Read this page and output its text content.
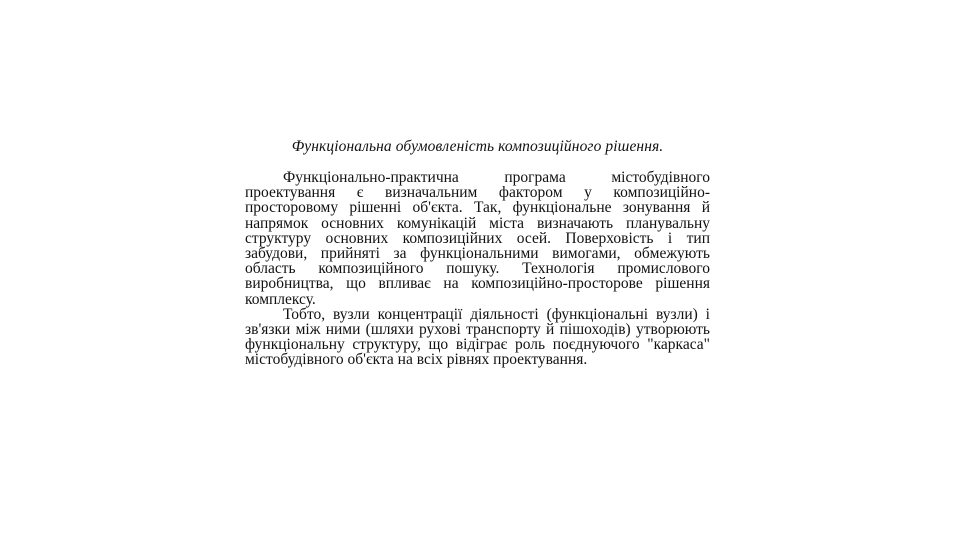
Функціональна обумовленість композиційного рішення.

Функціонально-практична програма містобудівного проектування є визначальним фактором у композиційно-просторовому рішенні об'єкта. Так, функціональне зонування й напрямок основних комунікацій міста визначають планувальну структуру основних композиційних осей. Поверховість і тип забудови, прийняті за функціональними вимогами, обмежують область композиційного пошуку. Технологія промислового виробництва, що впливає на композиційно-просторове рішення комплексу.

Тобто, вузли концентрації діяльності (функціональні вузли) і зв'язки між ними (шляхи рухові транспорту й пішоходів) утворюють функціональну структуру, що відіграє роль поєднуючого "каркаса" містобудівного об'єкта на всіх рівнях проектування.
